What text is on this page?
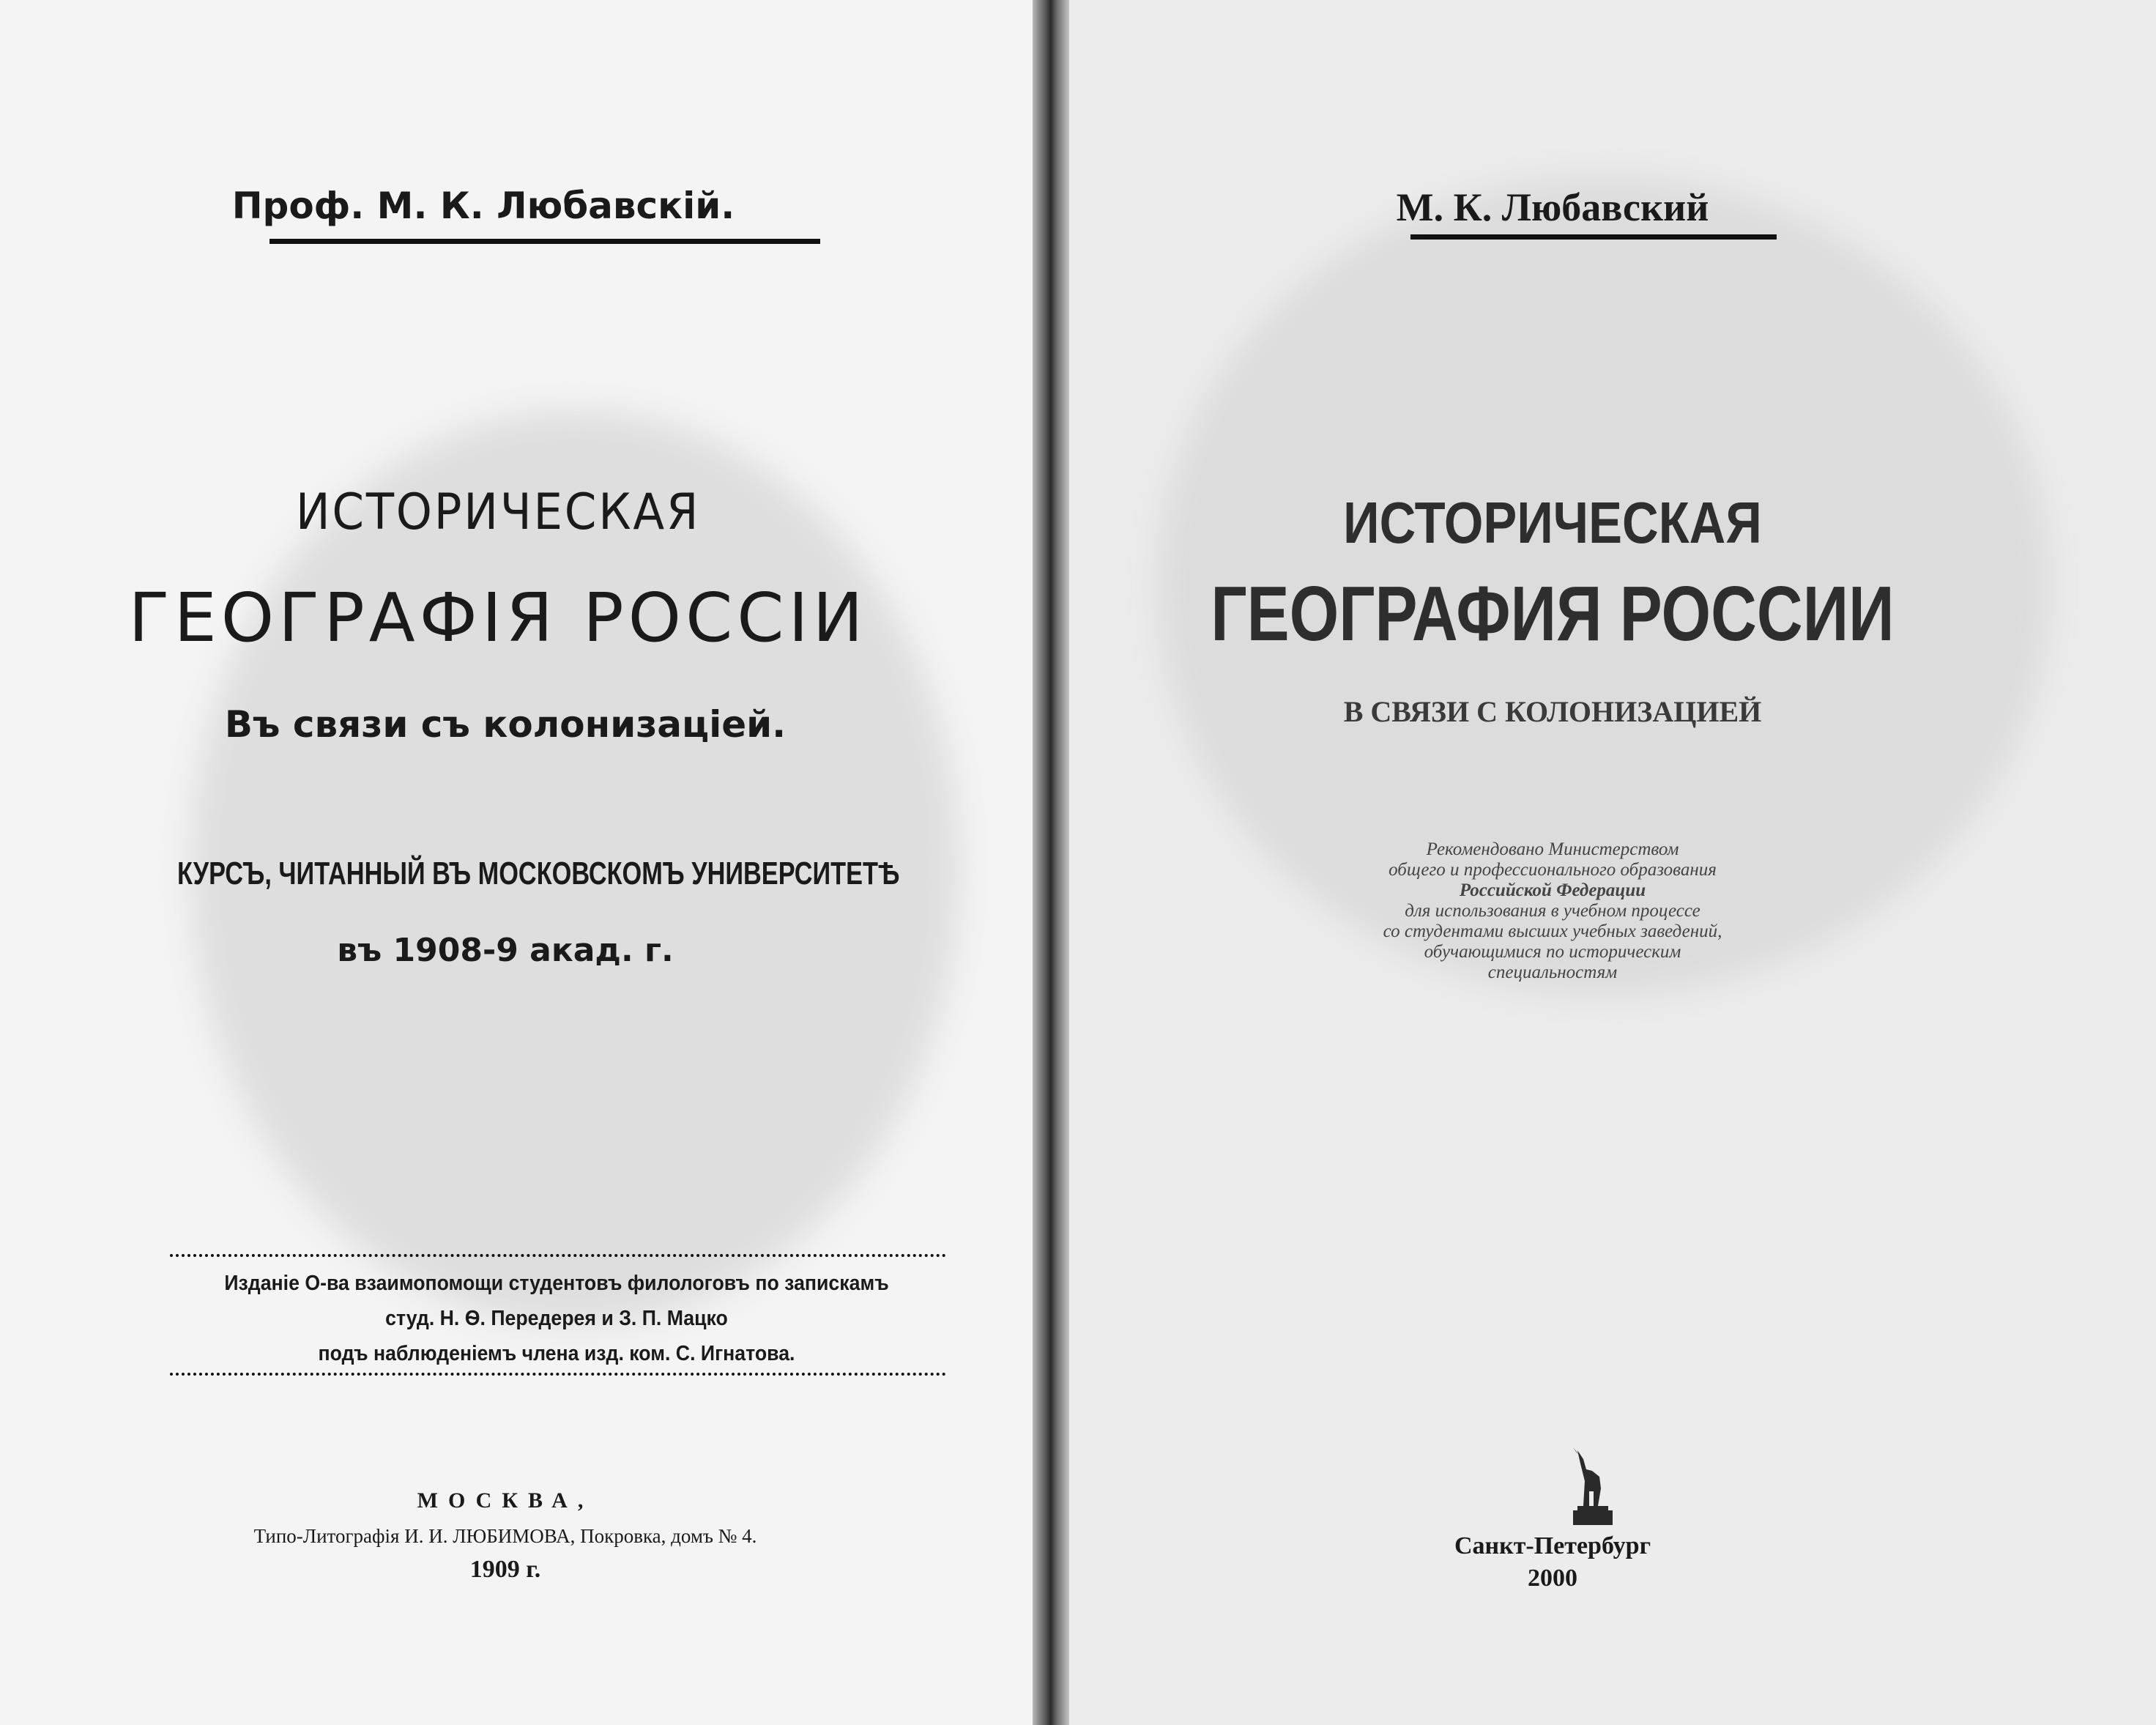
Проф. М. К. Любавскій.
ИСТОРИЧЕСКАЯ
ГЕОГРАФІЯ РОССІИ
Въ связи съ колонизаціей.
КУРСЪ, ЧИТАННЫЙ ВЪ МОСКОВСКОМЪ УНИВЕРСИТЕТѢ
въ 1908-9 акад. г.
Изданіе О-ва взаимопомощи студентовъ филологовъ по запискамъ
студ. Н. Ѳ. Передерея и З. П. Мацко
подъ наблюденіемъ члена изд. ком. С. Игнатова.
МОСКВА,
Типо-Литографія И. И. ЛЮБИМОВА, Покровка, домъ № 4.
1909 г.
М. К. Любавский
ИСТОРИЧЕСКАЯ
ГЕОГРАФИЯ РОССИИ
В СВЯЗИ С КОЛОНИЗАЦИЕЙ
Рекомендовано Министерством
общего и профессионального образования
Российской Федерации
для использования в учебном процессе
со студентами высших учебных заведений,
обучающимися по историческим
специальностям
Санкт-Петербург
2000
